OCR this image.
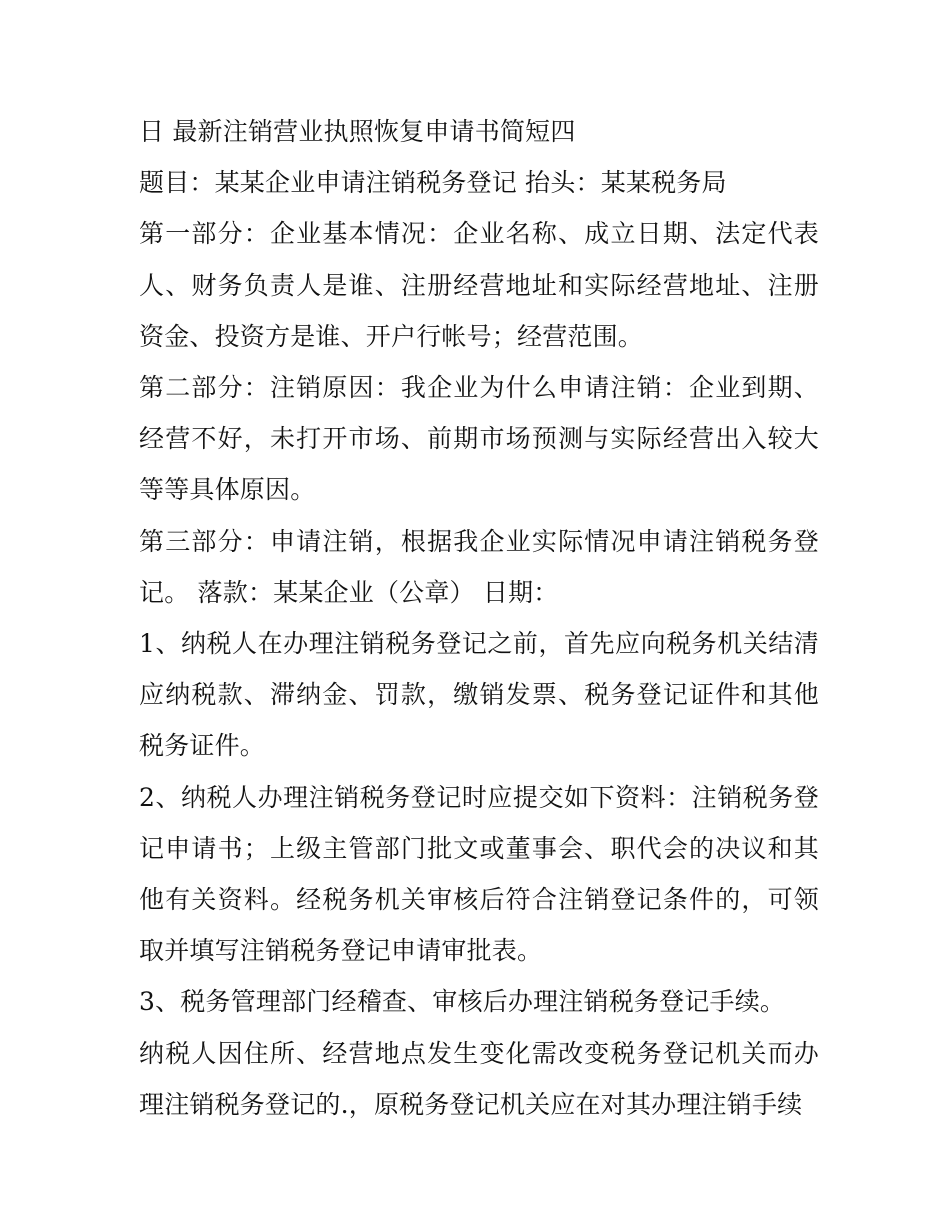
日 最新注销营业执照恢复申请书简短四

题目：某某企业申请注销税务登记 抬头：某某税务局

第一部分：企业基本情况：企业名称、成立日期、法定代表人、财务负责人是谁、注册经营地址和实际经营地址、注册资金、投资方是谁、开户行帐号；经营范围。

第二部分：注销原因：我企业为什么申请注销：企业到期、经营不好，未打开市场、前期市场预测与实际经营出入较大等等具体原因。

第三部分：申请注销，根据我企业实际情况申请注销税务登记。 落款：某某企业（公章） 日期：

1、纳税人在办理注销税务登记之前，首先应向税务机关结清应纳税款、滞纳金、罚款，缴销发票、税务登记证件和其他税务证件。

2、纳税人办理注销税务登记时应提交如下资料：注销税务登记申请书；上级主管部门批文或董事会、职代会的决议和其他有关资料。经税务机关审核后符合注销登记条件的，可领取并填写注销税务登记申请审批表。

3、税务管理部门经稽查、审核后办理注销税务登记手续。

纳税人因住所、经营地点发生变化需改变税务登记机关而办理注销税务登记的.，原税务登记机关应在对其办理注销手续
